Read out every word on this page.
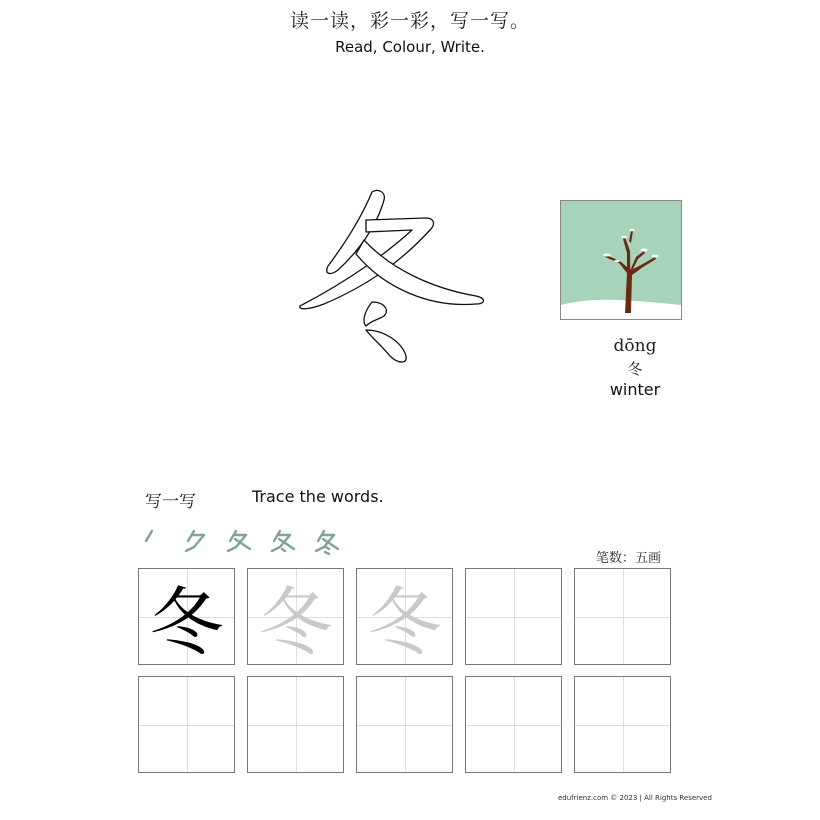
读一读，彩一彩，写一写。
Read, Colour, Write.
dōng
冬
winter
写一写	Trace the words.
笔数：五画
冬 冬 冬
edufrienz.com © 2023 | All Rights Reserved
